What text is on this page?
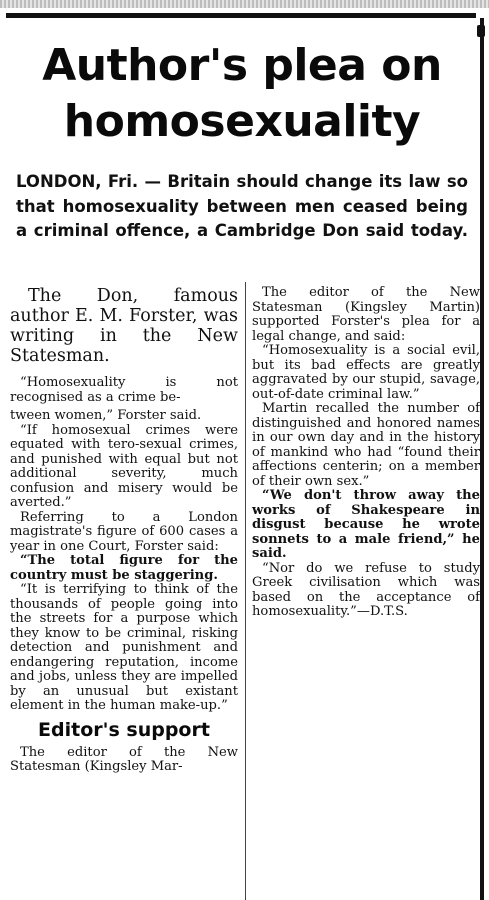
Author's plea on homosexuality

LONDON, Fri. — Britain should change its law so that homosexuality between men ceased being a criminal offence, a Cambridge Don said today.

The Don, famous author E. M. Forster, was writing in the New Statesman.

“Homosexuality is not recognised as a crime be-

tween women,” Forster said.

“If homosexual crimes were equated with tero-sexual crimes, and punished with equal but not additional severity, much confusion and misery would be averted.”

Referring to a London magistrate's figure of 600 cases a year in one Court, Forster said:

“The total figure for the country must be staggering.

“It is terrifying to think of the thousands of people going into the streets for a purpose which they know to be criminal, risking detection and punishment and endangering reputation, income and jobs, unless they are impelled by an unusual but existant element in the human make-up.”

Editor's support

The editor of the New Statesman (Kingsley Mar-

The editor of the New Statesman (Kingsley Martin) supported Forster's plea for a legal change, and said:

“Homosexuality is a social evil, but its bad effects are greatly aggravated by our stupid, savage, out-of-date criminal law.”

Martin recalled the number of distinguished and honored names in our own day and in the history of mankind who had “found their affections centerin; on a member of their own sex.”

“We don't throw away the works of Shakespeare in disgust because he wrote sonnets to a male friend,” he said.

“Nor do we refuse to study Greek civilisation which was based on the acceptance of homosexuality.”—D.T.S.
